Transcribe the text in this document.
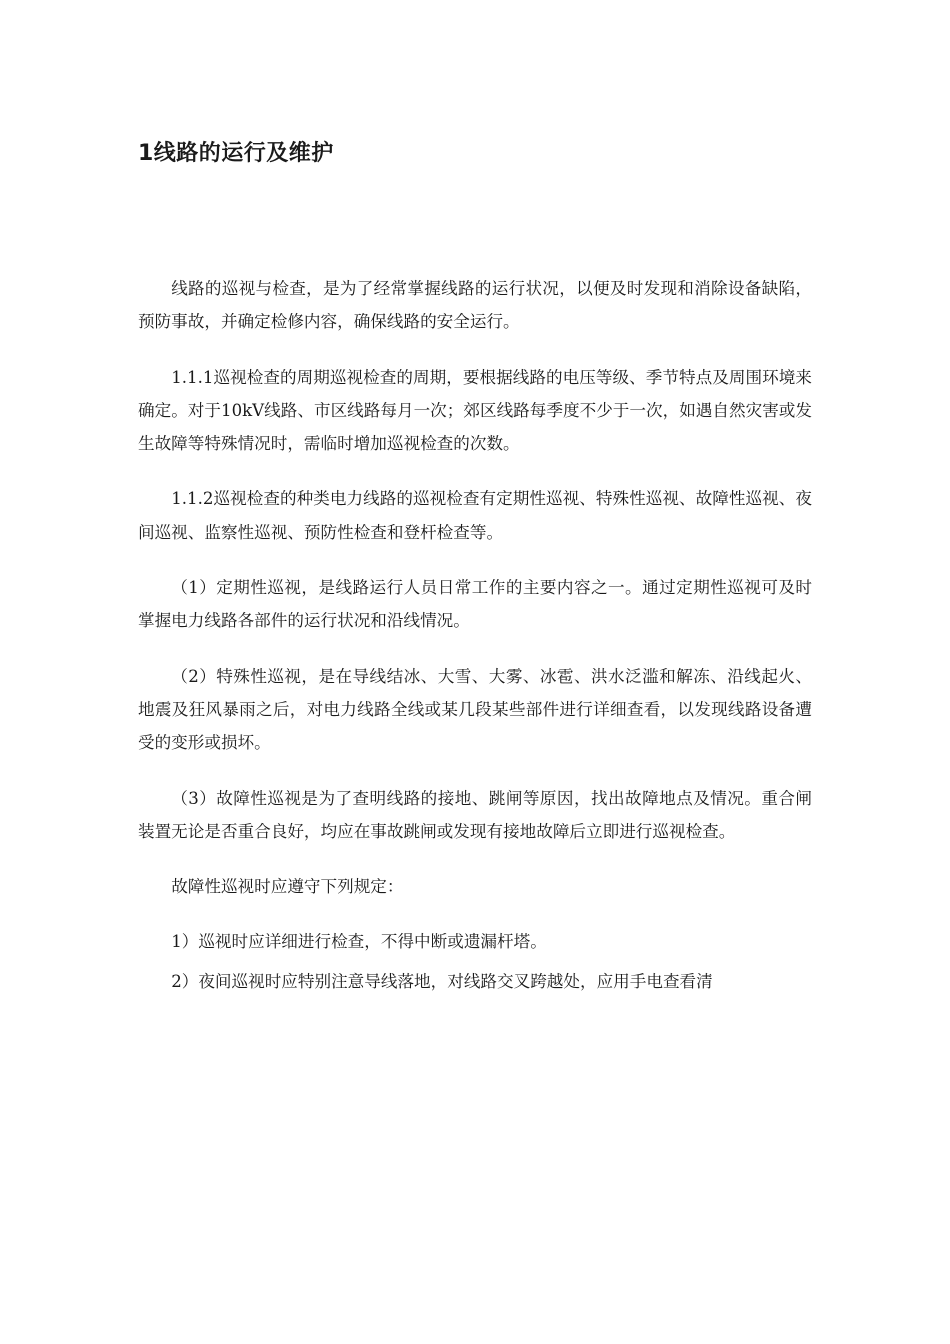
1线路的运行及维护

线路的巡视与检查，是为了经常掌握线路的运行状况，以便及时发现和消除设备缺陷，预防事故，并确定检修内容，确保线路的安全运行。

1.1.1巡视检查的周期巡视检查的周期，要根据线路的电压等级、季节特点及周围环境来确定。对于10kV线路、市区线路每月一次；郊区线路每季度不少于一次，如遇自然灾害或发生故障等特殊情况时，需临时增加巡视检查的次数。

1.1.2巡视检查的种类电力线路的巡视检查有定期性巡视、特殊性巡视、故障性巡视、夜间巡视、监察性巡视、预防性检查和登杆检查等。

（1）定期性巡视，是线路运行人员日常工作的主要内容之一。通过定期性巡视可及时掌握电力线路各部件的运行状况和沿线情况。

（2）特殊性巡视，是在导线结冰、大雪、大雾、冰雹、洪水泛滥和解冻、沿线起火、地震及狂风暴雨之后，对电力线路全线或某几段某些部件进行详细查看，以发现线路设备遭受的变形或损坏。

（3）故障性巡视是为了查明线路的接地、跳闸等原因，找出故障地点及情况。重合闸装置无论是否重合良好，均应在事故跳闸或发现有接地故障后立即进行巡视检查。

故障性巡视时应遵守下列规定：

1）巡视时应详细进行检查，不得中断或遗漏杆塔。

2）夜间巡视时应特别注意导线落地，对线路交叉跨越处，应用手电查看清
